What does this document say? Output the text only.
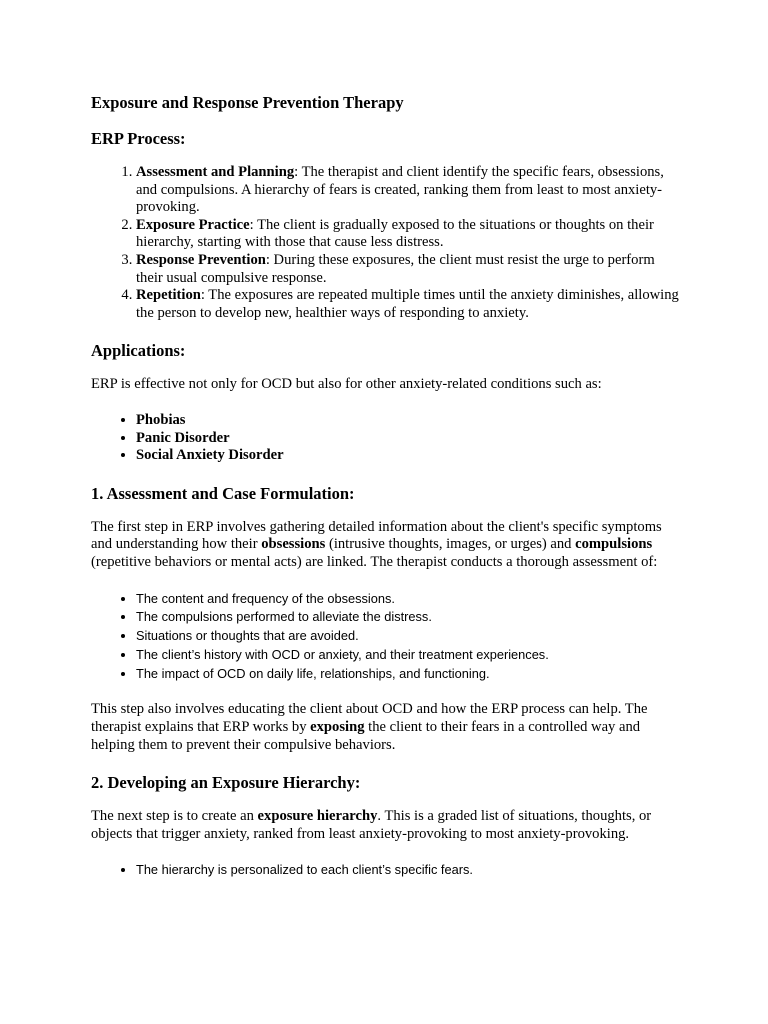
Exposure and Response Prevention Therapy
ERP Process:
1. Assessment and Planning: The therapist and client identify the specific fears, obsessions, and compulsions. A hierarchy of fears is created, ranking them from least to most anxiety-provoking.
2. Exposure Practice: The client is gradually exposed to the situations or thoughts on their hierarchy, starting with those that cause less distress.
3. Response Prevention: During these exposures, the client must resist the urge to perform their usual compulsive response.
4. Repetition: The exposures are repeated multiple times until the anxiety diminishes, allowing the person to develop new, healthier ways of responding to anxiety.
Applications:

ERP is effective not only for OCD but also for other anxiety-related conditions such as:

• Phobias
• Panic Disorder
• Social Anxiety Disorder
1. Assessment and Case Formulation:

The first step in ERP involves gathering detailed information about the client's specific symptoms and understanding how their obsessions (intrusive thoughts, images, or urges) and compulsions (repetitive behaviors or mental acts) are linked. The therapist conducts a thorough assessment of:

• The content and frequency of the obsessions.
• The compulsions performed to alleviate the distress.
• Situations or thoughts that are avoided.
• The client’s history with OCD or anxiety, and their treatment experiences.
• The impact of OCD on daily life, relationships, and functioning.

This step also involves educating the client about OCD and how the ERP process can help. The therapist explains that ERP works by exposing the client to their fears in a controlled way and helping them to prevent their compulsive behaviors.

2. Developing an Exposure Hierarchy:

The next step is to create an exposure hierarchy. This is a graded list of situations, thoughts, or objects that trigger anxiety, ranked from least anxiety-provoking to most anxiety-provoking.

• The hierarchy is personalized to each client’s specific fears.
